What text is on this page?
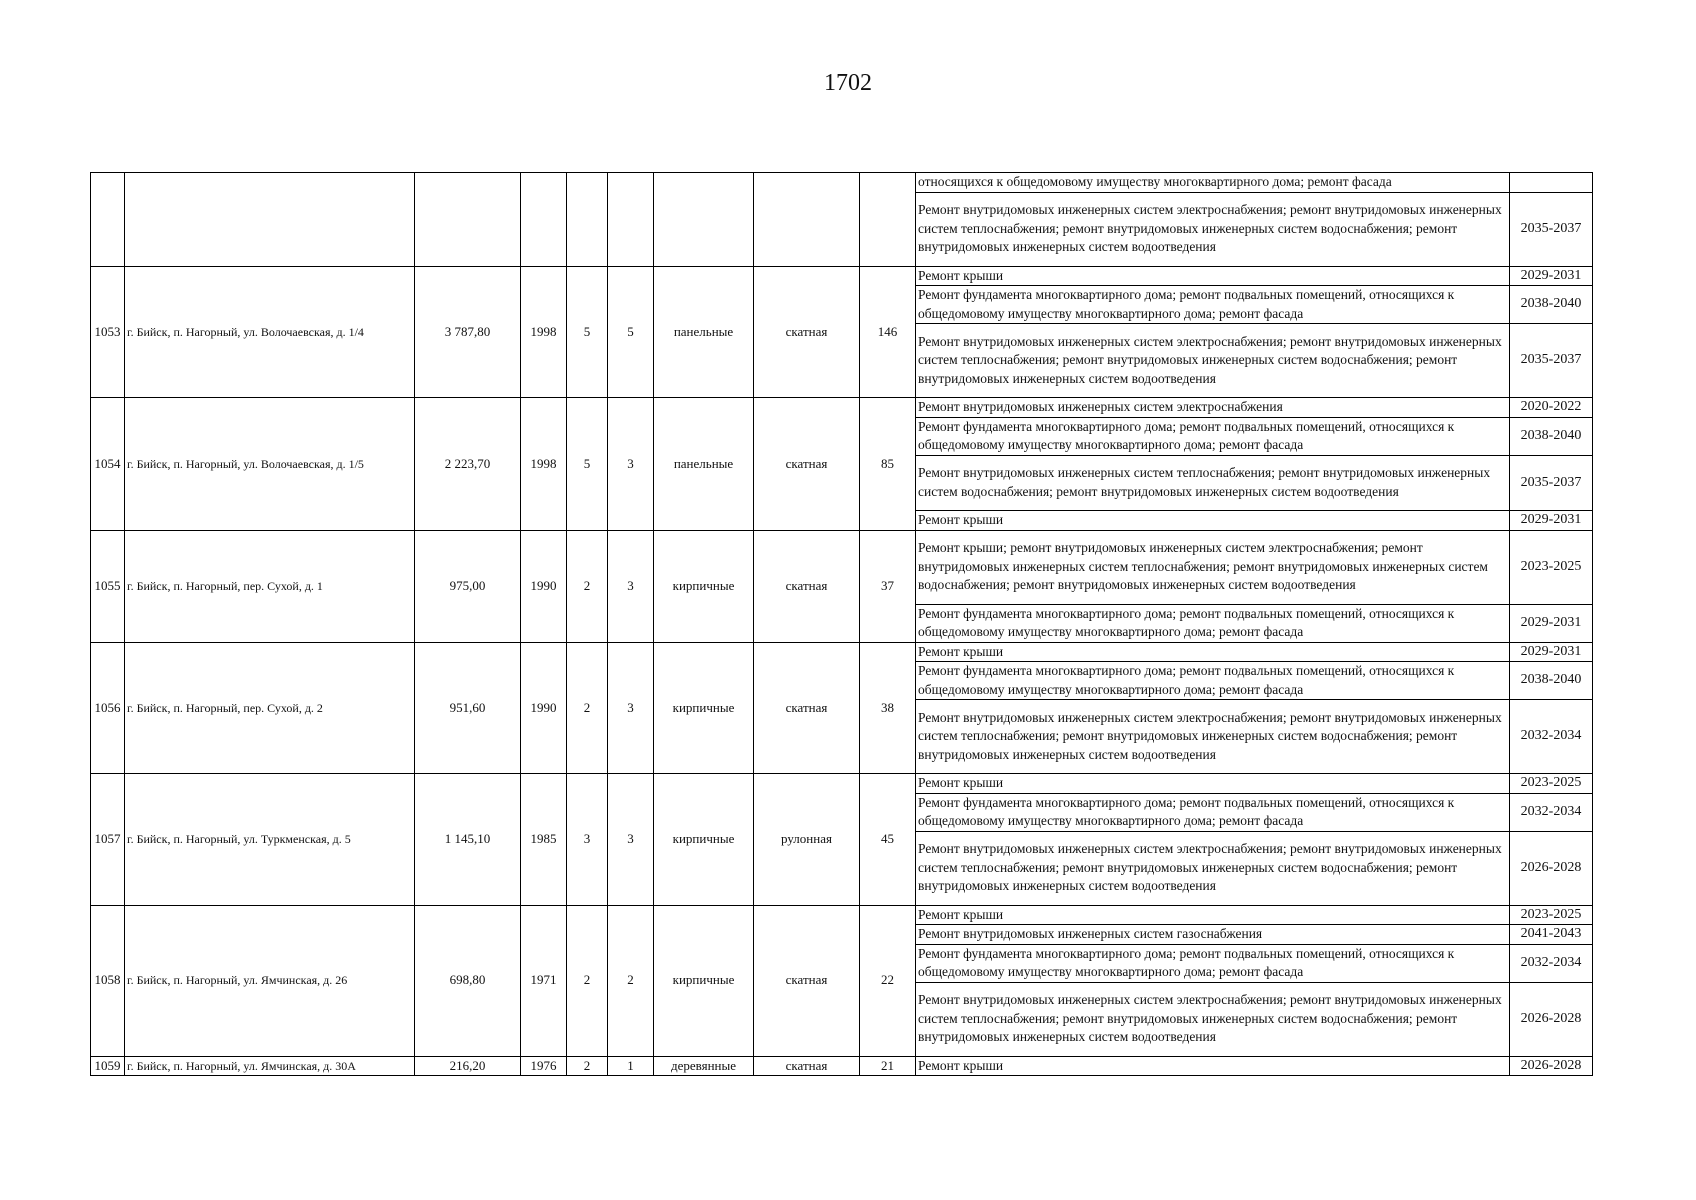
1702
									относящихся к общедомовому имуществу многоквартирного дома; ремонт фасада	
									Ремонт внутридомовых инженерных систем электроснабжения; ремонт внутридомовых инженерных систем теплоснабжения; ремонт внутридомовых инженерных систем водоснабжения; ремонт внутридомовых инженерных систем водоотведения	2035-2037
1053	г. Бийск, п. Нагорный, ул. Волочаевская, д. 1/4	3 787,80	1998	5	5	панельные	скатная	146	Ремонт крыши	2029-2031
									Ремонт фундамента многоквартирного дома; ремонт подвальных помещений, относящихся к общедомовому имуществу многоквартирного дома; ремонт фасада	2038-2040
									Ремонт внутридомовых инженерных систем электроснабжения; ремонт внутридомовых инженерных систем теплоснабжения; ремонт внутридомовых инженерных систем водоснабжения; ремонт внутридомовых инженерных систем водоотведения	2035-2037
1054	г. Бийск, п. Нагорный, ул. Волочаевская, д. 1/5	2 223,70	1998	5	3	панельные	скатная	85	Ремонт внутридомовых инженерных систем электроснабжения	2020-2022
									Ремонт фундамента многоквартирного дома; ремонт подвальных помещений, относящихся к общедомовому имуществу многоквартирного дома; ремонт фасада	2038-2040
									Ремонт внутридомовых инженерных систем теплоснабжения; ремонт внутридомовых инженерных систем водоснабжения; ремонт внутридомовых инженерных систем водоотведения	2035-2037
									Ремонт крыши	2029-2031
1055	г. Бийск, п. Нагорный, пер. Сухой, д. 1	975,00	1990	2	3	кирпичные	скатная	37	Ремонт крыши; ремонт внутридомовых инженерных систем электроснабжения; ремонт внутридомовых инженерных систем теплоснабжения; ремонт внутридомовых инженерных систем водоснабжения; ремонт внутридомовых инженерных систем водоотведения	2023-2025
									Ремонт фундамента многоквартирного дома; ремонт подвальных помещений, относящихся к общедомовому имуществу многоквартирного дома; ремонт фасада	2029-2031
1056	г. Бийск, п. Нагорный, пер. Сухой, д. 2	951,60	1990	2	3	кирпичные	скатная	38	Ремонт крыши	2029-2031
									Ремонт фундамента многоквартирного дома; ремонт подвальных помещений, относящихся к общедомовому имуществу многоквартирного дома; ремонт фасада	2038-2040
									Ремонт внутридомовых инженерных систем электроснабжения; ремонт внутридомовых инженерных систем теплоснабжения; ремонт внутридомовых инженерных систем водоснабжения; ремонт внутридомовых инженерных систем водоотведения	2032-2034
1057	г. Бийск, п. Нагорный, ул. Туркменская, д. 5	1 145,10	1985	3	3	кирпичные	рулонная	45	Ремонт крыши	2023-2025
									Ремонт фундамента многоквартирного дома; ремонт подвальных помещений, относящихся к общедомовому имуществу многоквартирного дома; ремонт фасада	2032-2034
									Ремонт внутридомовых инженерных систем электроснабжения; ремонт внутридомовых инженерных систем теплоснабжения; ремонт внутридомовых инженерных систем водоснабжения; ремонт внутридомовых инженерных систем водоотведения	2026-2028
1058	г. Бийск, п. Нагорный, ул. Ямчинская, д. 26	698,80	1971	2	2	кирпичные	скатная	22	Ремонт крыши	2023-2025
									Ремонт внутридомовых инженерных систем газоснабжения	2041-2043
									Ремонт фундамента многоквартирного дома; ремонт подвальных помещений, относящихся к общедомовому имуществу многоквартирного дома; ремонт фасада	2032-2034
									Ремонт внутридомовых инженерных систем электроснабжения; ремонт внутридомовых инженерных систем теплоснабжения; ремонт внутридомовых инженерных систем водоснабжения; ремонт внутридомовых инженерных систем водоотведения	2026-2028
1059	г. Бийск, п. Нагорный, ул. Ямчинская, д. 30А	216,20	1976	2	1	деревянные	скатная	21	Ремонт крыши	2026-2028
